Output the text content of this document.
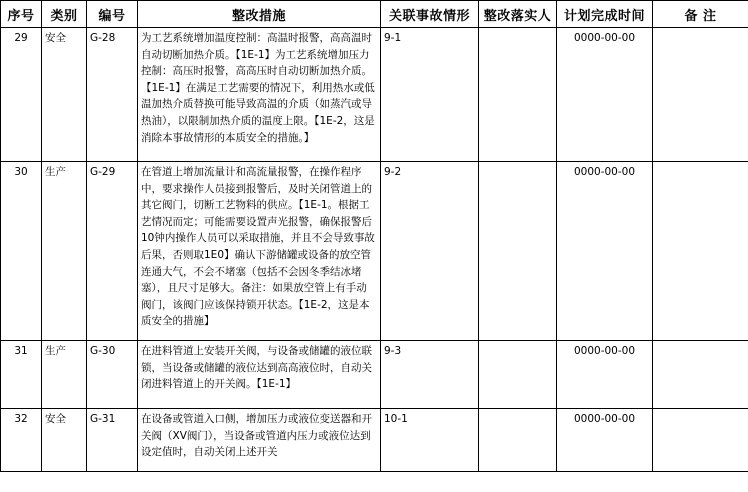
序号	类别	编号	整改措施	关联事故情形	整改落实人	计划完成时间	备 注
29	安全	G-28	为工艺系统增加温度控制：高温时报警，高高温时自动切断加热介质。【1E-1】为工艺系统增加压力控制：高压时报警，高高压时自动切断加热介质。【1E-1】在满足工艺需要的情况下，利用热水或低温加热介质替换可能导致高温的介质（如蒸汽或导热油），以限制加热介质的温度上限。【1E-2，这是消除本事故情形的本质安全的措施。】	9-1		0000-00-00	
30	生产	G-29	在管道上增加流量计和高流量报警，在操作程序中，要求操作人员接到报警后，及时关闭管道上的其它阀门，切断工艺物料的供应。【1E-1。根据工艺情况而定；可能需要设置声光报警，确保报警后10钟内操作人员可以采取措施，并且不会导致事故后果，否则取1E0】确认下游储罐或设备的放空管连通大气，不会不堵塞（包括不会因冬季结冰堵塞），且尺寸足够大。备注：如果放空管上有手动阀门，该阀门应该保持锁开状态。【1E-2，这是本质安全的措施】	9-2		0000-00-00	
31	生产	G-30	在进料管道上安装开关阀，与设备或储罐的液位联锁，当设备或储罐的液位达到高高液位时，自动关闭进料管道上的开关阀。【1E-1】	9-3		0000-00-00	
32	安全	G-31	在设备或管道入口侧，增加压力或液位变送器和开关阀（XV阀门），当设备或管道内压力或液位达到设定值时，自动关闭上述开关	10-1		0000-00-00	
